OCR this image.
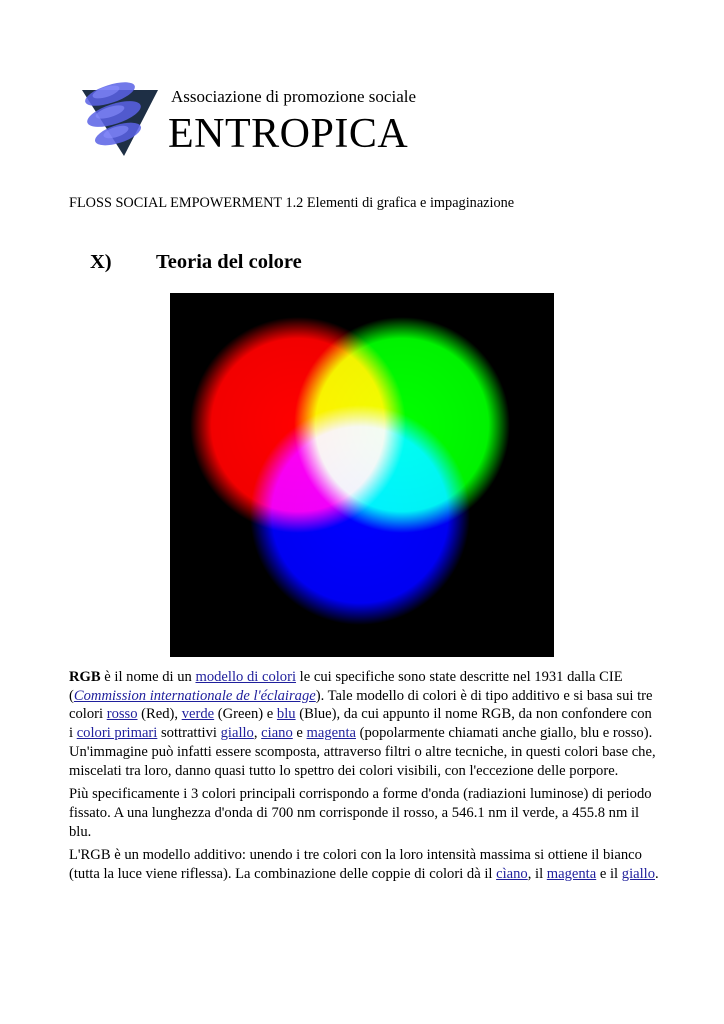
Associazione di promozione sociale
ENTROPICA
FLOSS SOCIAL EMPOWERMENT 1.2 Elementi di grafica e impaginazione
X) Teoria del colore

RGB è il nome di un modello di colori le cui specifiche sono state descritte nel 1931 dalla CIE (Commission internationale de l'éclairage). Tale modello di colori è di tipo additivo e si basa sui tre colori rosso (Red), verde (Green) e blu (Blue), da cui appunto il nome RGB, da non confondere con i colori primari sottrattivi giallo, ciano e magenta (popolarmente chiamati anche giallo, blu e rosso). Un'immagine può infatti essere scomposta, attraverso filtri o altre tecniche, in questi colori base che, miscelati tra loro, danno quasi tutto lo spettro dei colori visibili, con l'eccezione delle porpore.

Più specificamente i 3 colori principali corrispondo a forme d'onda (radiazioni luminose) di periodo fissato. A una lunghezza d'onda di 700 nm corrisponde il rosso, a 546.1 nm il verde, a 455.8 nm il blu.

L'RGB è un modello additivo: unendo i tre colori con la loro intensità massima si ottiene il bianco (tutta la luce viene riflessa). La combinazione delle coppie di colori dà il cìano, il magenta e il giallo.
